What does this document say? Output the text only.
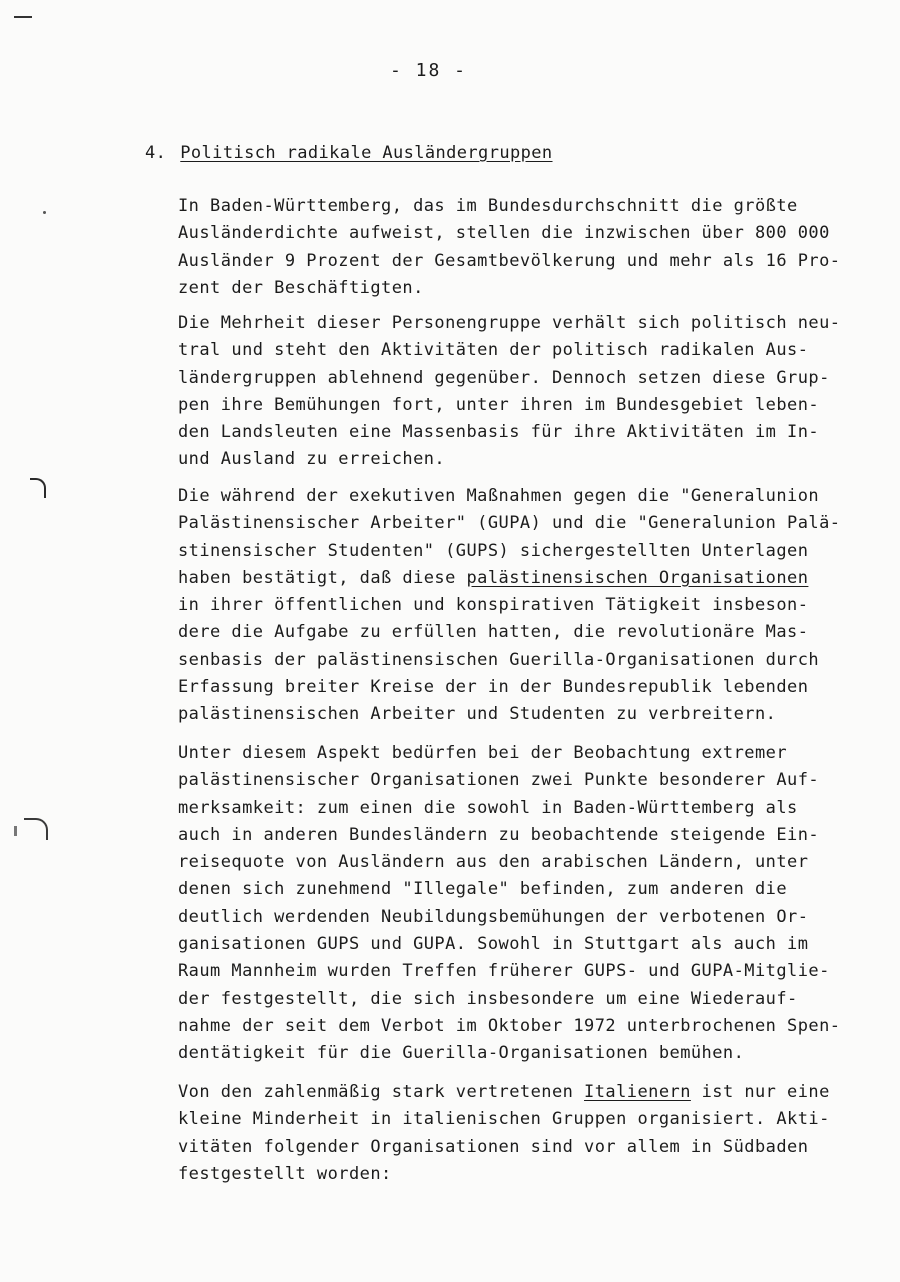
- 18 -
4. Politisch radikale Ausländergruppen
In Baden-Württemberg, das im Bundesdurchschnitt die größte
Ausländerdichte aufweist, stellen die inzwischen über 800 000
Ausländer 9 Prozent der Gesamtbevölkerung und mehr als 16 Pro-
zent der Beschäftigten.
Die Mehrheit dieser Personengruppe verhält sich politisch neu-
tral und steht den Aktivitäten der politisch radikalen Aus-
ländergruppen ablehnend gegenüber. Dennoch setzen diese Grup-
pen ihre Bemühungen fort, unter ihren im Bundesgebiet leben-
den Landsleuten eine Massenbasis für ihre Aktivitäten im In-
und Ausland zu erreichen.
Die während der exekutiven Maßnahmen gegen die "Generalunion
Palästinensischer Arbeiter" (GUPA) und die "Generalunion Palä-
stinensischer Studenten" (GUPS) sichergestellten Unterlagen
haben bestätigt, daß diese palästinensischen Organisationen
in ihrer öffentlichen und konspirativen Tätigkeit insbeson-
dere die Aufgabe zu erfüllen hatten, die revolutionäre Mas-
senbasis der palästinensischen Guerilla-Organisationen durch
Erfassung breiter Kreise der in der Bundesrepublik lebenden
palästinensischen Arbeiter und Studenten zu verbreitern.
Unter diesem Aspekt bedürfen bei der Beobachtung extremer
palästinensischer Organisationen zwei Punkte besonderer Auf-
merksamkeit: zum einen die sowohl in Baden-Württemberg als
auch in anderen Bundesländern zu beobachtende steigende Ein-
reisequote von Ausländern aus den arabischen Ländern, unter
denen sich zunehmend "Illegale" befinden, zum anderen die
deutlich werdenden Neubildungsbemühungen der verbotenen Or-
ganisationen GUPS und GUPA. Sowohl in Stuttgart als auch im
Raum Mannheim wurden Treffen früherer GUPS- und GUPA-Mitglie-
der festgestellt, die sich insbesondere um eine Wiederauf-
nahme der seit dem Verbot im Oktober 1972 unterbrochenen Spen-
dentätigkeit für die Guerilla-Organisationen bemühen.
Von den zahlenmäßig stark vertretenen Italienern ist nur eine
kleine Minderheit in italienischen Gruppen organisiert. Akti-
vitäten folgender Organisationen sind vor allem in Südbaden
festgestellt worden:
